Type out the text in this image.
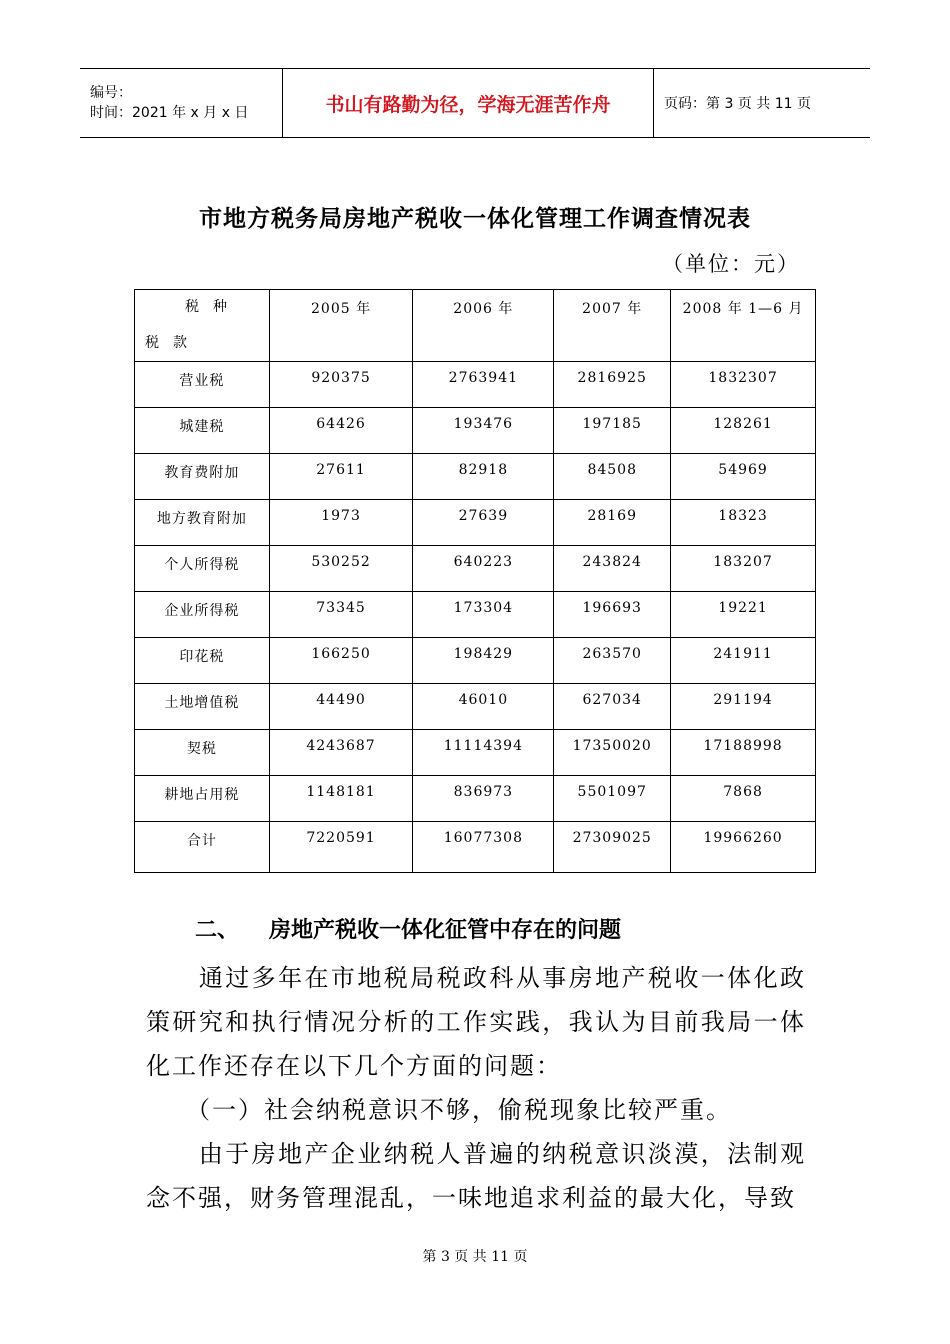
编号：
时间：2021 年 x 月 x 日	书山有路勤为径，学海无涯苦作舟	页码：第 3 页 共 11 页
市地方税务局房地产税收一体化管理工作调查情况表
（单位：元）
税种
税款	2005 年	2006 年	2007 年	2008 年 1—6 月
营业税	920375	2763941	2816925	1832307
城建税	64426	193476	197185	128261
教育费附加	27611	82918	84508	54969
地方教育附加	1973	27639	28169	18323
个人所得税	530252	640223	243824	183207
企业所得税	73345	173304	196693	19221
印花税	166250	198429	263570	241911
土地增值税	44490	46010	627034	291194
契税	4243687	11114394	17350020	17188998
耕地占用税	1148181	836973	5501097	7868
合计	7220591	16077308	27309025	19966260
二、 房地产税收一体化征管中存在的问题
　　通过多年在市地税局税政科从事房地产税收一体化政策研究和执行情况分析的工作实践，我认为目前我局一体化工作还存在以下几个方面的问题：
　　（一）社会纳税意识不够，偷税现象比较严重。
　　由于房地产企业纳税人普遍的纳税意识淡漠，法制观念不强，财务管理混乱，一味地追求利益的最大化，导致
第 3 页 共 11 页
